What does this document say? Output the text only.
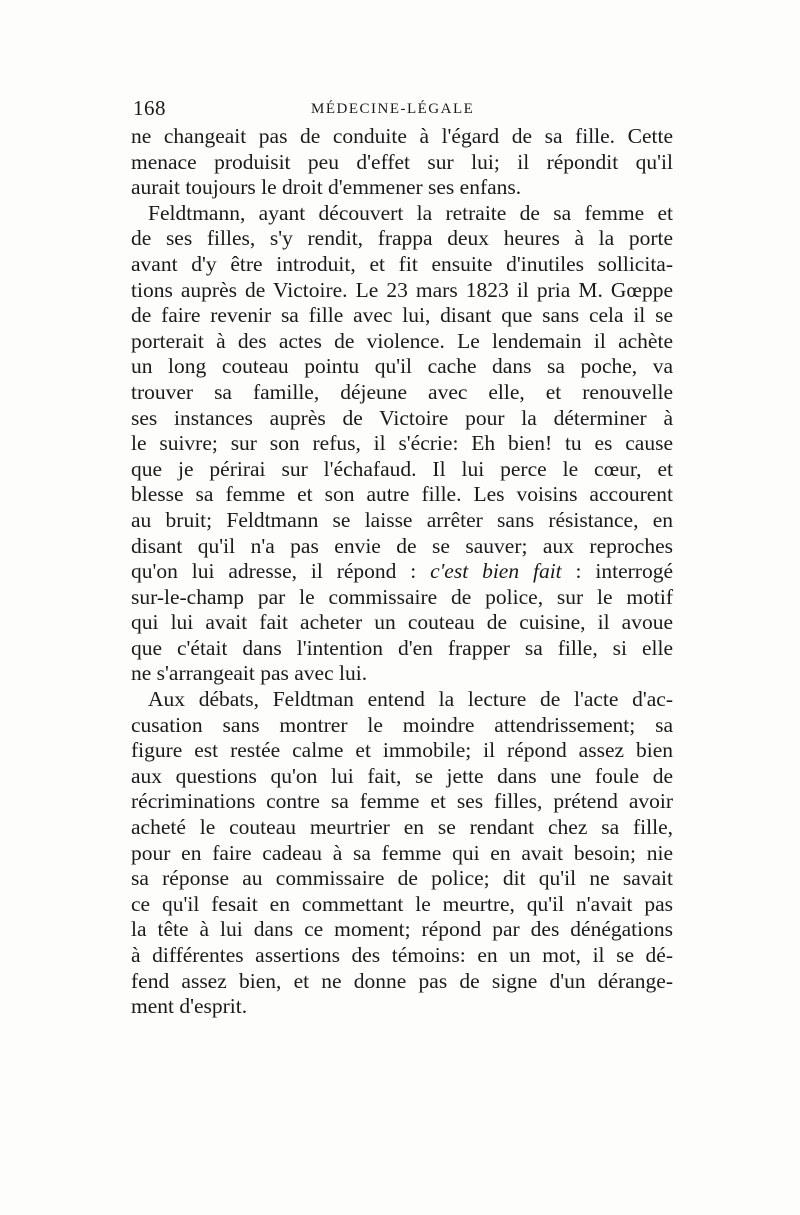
168	MÉDECINE-LÉGALE
ne changeait pas de conduite à l'égard de sa fille. Cette
menace produisit peu d'effet sur lui; il répondit qu'il
aurait toujours le droit d'emmener ses enfans.
Feldtmann, ayant découvert la retraite de sa femme et
de ses filles, s'y rendit, frappa deux heures à la porte
avant d'y être introduit, et fit ensuite d'inutiles sollicita-
tions auprès de Victoire. Le 23 mars 1823 il pria M. Gœppe
de faire revenir sa fille avec lui, disant que sans cela il se
porterait à des actes de violence. Le lendemain il achète
un long couteau pointu qu'il cache dans sa poche, va
trouver sa famille, déjeune avec elle, et renouvelle
ses instances auprès de Victoire pour la déterminer à
le suivre; sur son refus, il s'écrie: Eh bien! tu es cause
que je périrai sur l'échafaud. Il lui perce le cœur, et
blesse sa femme et son autre fille. Les voisins accourent
au bruit; Feldtmann se laisse arrêter sans résistance, en
disant qu'il n'a pas envie de se sauver; aux reproches
qu'on lui adresse, il répond : c'est bien fait : interrogé
sur-le-champ par le commissaire de police, sur le motif
qui lui avait fait acheter un couteau de cuisine, il avoue
que c'était dans l'intention d'en frapper sa fille, si elle
ne s'arrangeait pas avec lui.
Aux débats, Feldtman entend la lecture de l'acte d'ac-
cusation sans montrer le moindre attendrissement; sa
figure est restée calme et immobile; il répond assez bien
aux questions qu'on lui fait, se jette dans une foule de
récriminations contre sa femme et ses filles, prétend avoir
acheté le couteau meurtrier en se rendant chez sa fille,
pour en faire cadeau à sa femme qui en avait besoin; nie
sa réponse au commissaire de police; dit qu'il ne savait
ce qu'il fesait en commettant le meurtre, qu'il n'avait pas
la tête à lui dans ce moment; répond par des dénégations
à différentes assertions des témoins: en un mot, il se dé-
fend assez bien, et ne donne pas de signe d'un dérange-
ment d'esprit.
